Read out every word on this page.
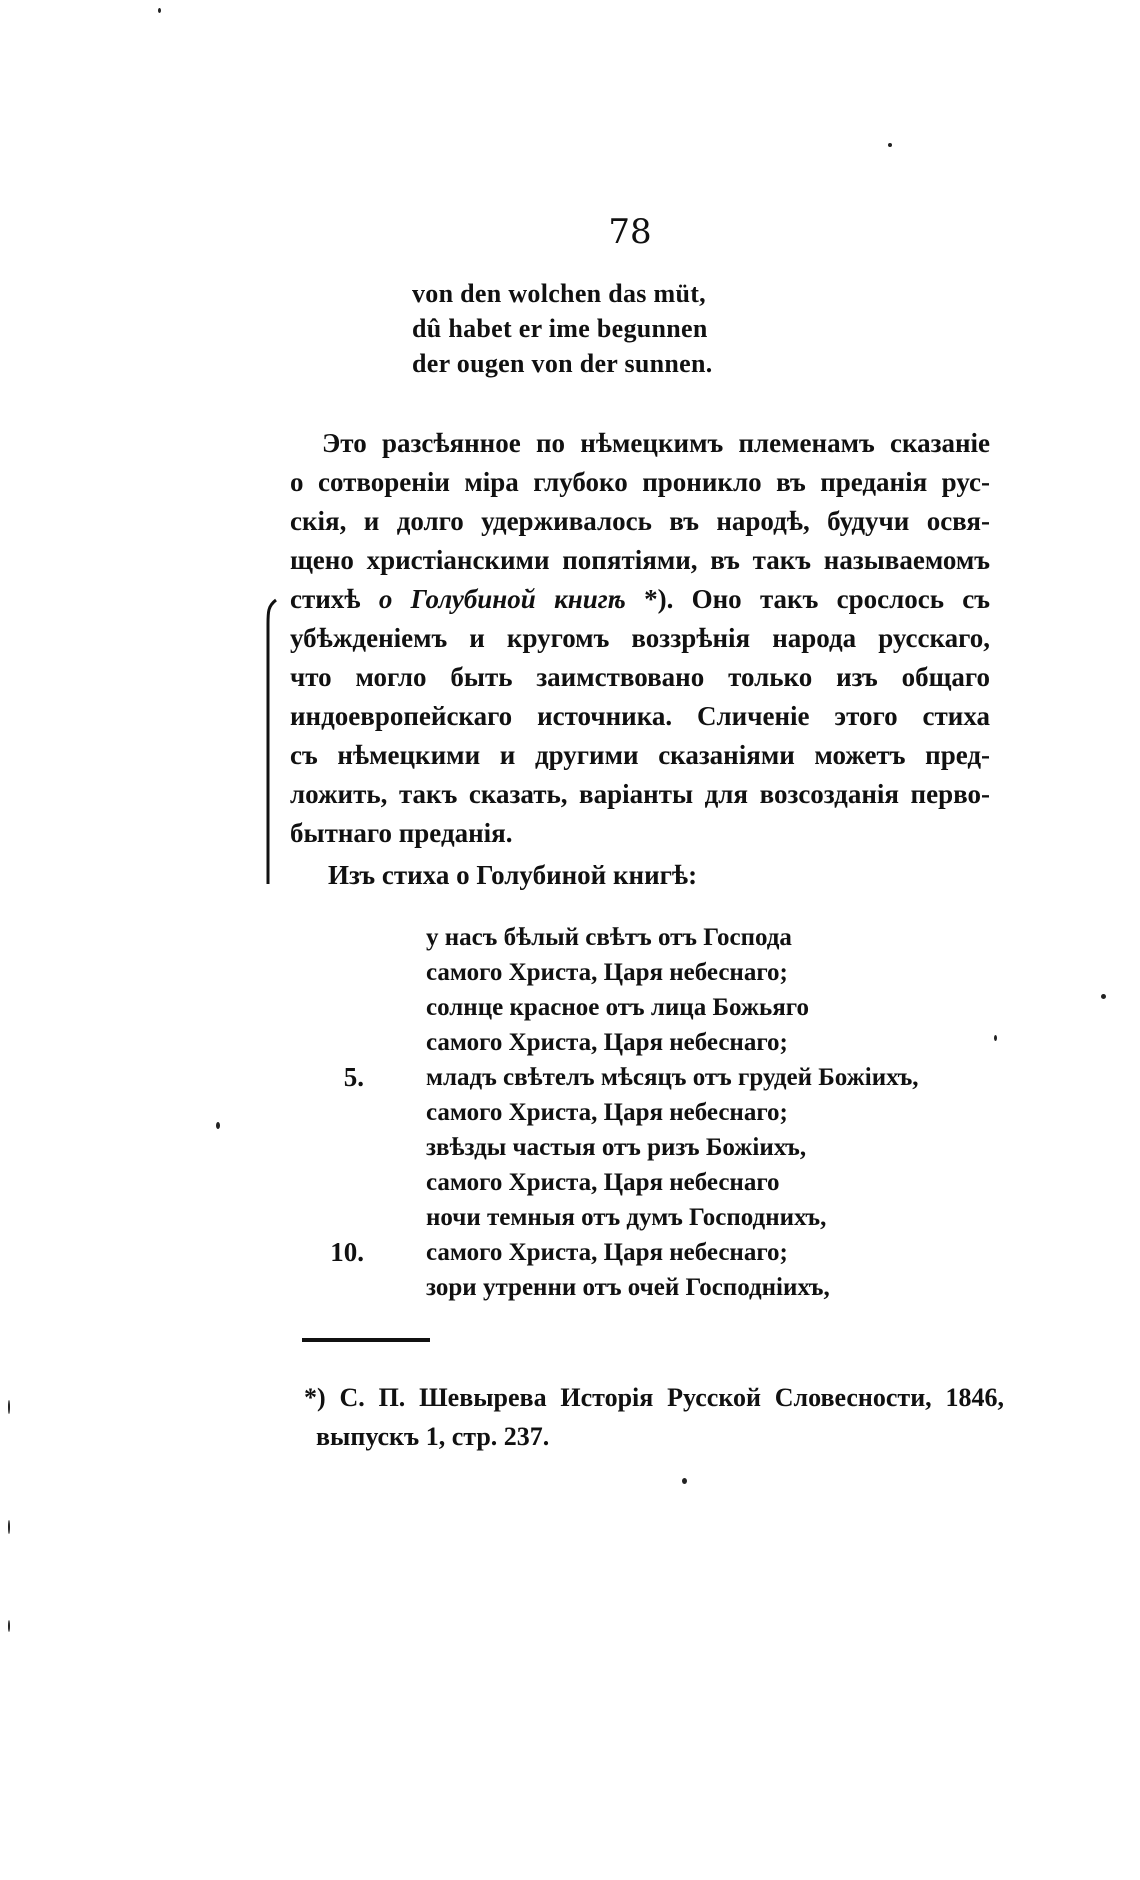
78
von den wolchen das müt,
dû habet er ime begunnen
der ougen von der sunnen.

Это разсѣянное по нѣмецкимъ племенамъ сказаніе
о сотвореніи міра глубоко проникло въ преданія рус-
скія, и долго удерживалось въ народѣ, будучи освя-
щено христіанскими попятіями, въ такъ называемомъ
стихѣ о Голубиной книгѣ *). Оно такъ срослось съ
убѣжденіемъ и кругомъ воззрѣнія народа русскаго,
что могло быть заимствовано только изъ общаго
индоевропейскаго источника. Сличеніе этого стиха
съ нѣмецкими и другими сказаніями можетъ пред-
ложить, такъ сказать, варіанты для возсозданія перво-
бытнаго преданія.

Изъ стиха о Голубиной книгѣ:
у насъ бѣлый свѣтъ отъ Господа
самого Христа, Царя небеснаго;
солнце красное отъ лица Божьяго
самого Христа, Царя небеснаго;
5. младъ свѣтелъ мѣсяцъ отъ грудей Божіихъ,
самого Христа, Царя небеснаго;
звѣзды частыя отъ ризъ Божіихъ,
самого Христа, Царя небеснаго
ночи темныя отъ думъ Господнихъ,
10. самого Христа, Царя небеснаго;
зори утренни отъ очей Господніихъ,
*) С. П. Шевырева Исторія Русской Словесности, 1846,
выпускъ 1, стр. 237.
